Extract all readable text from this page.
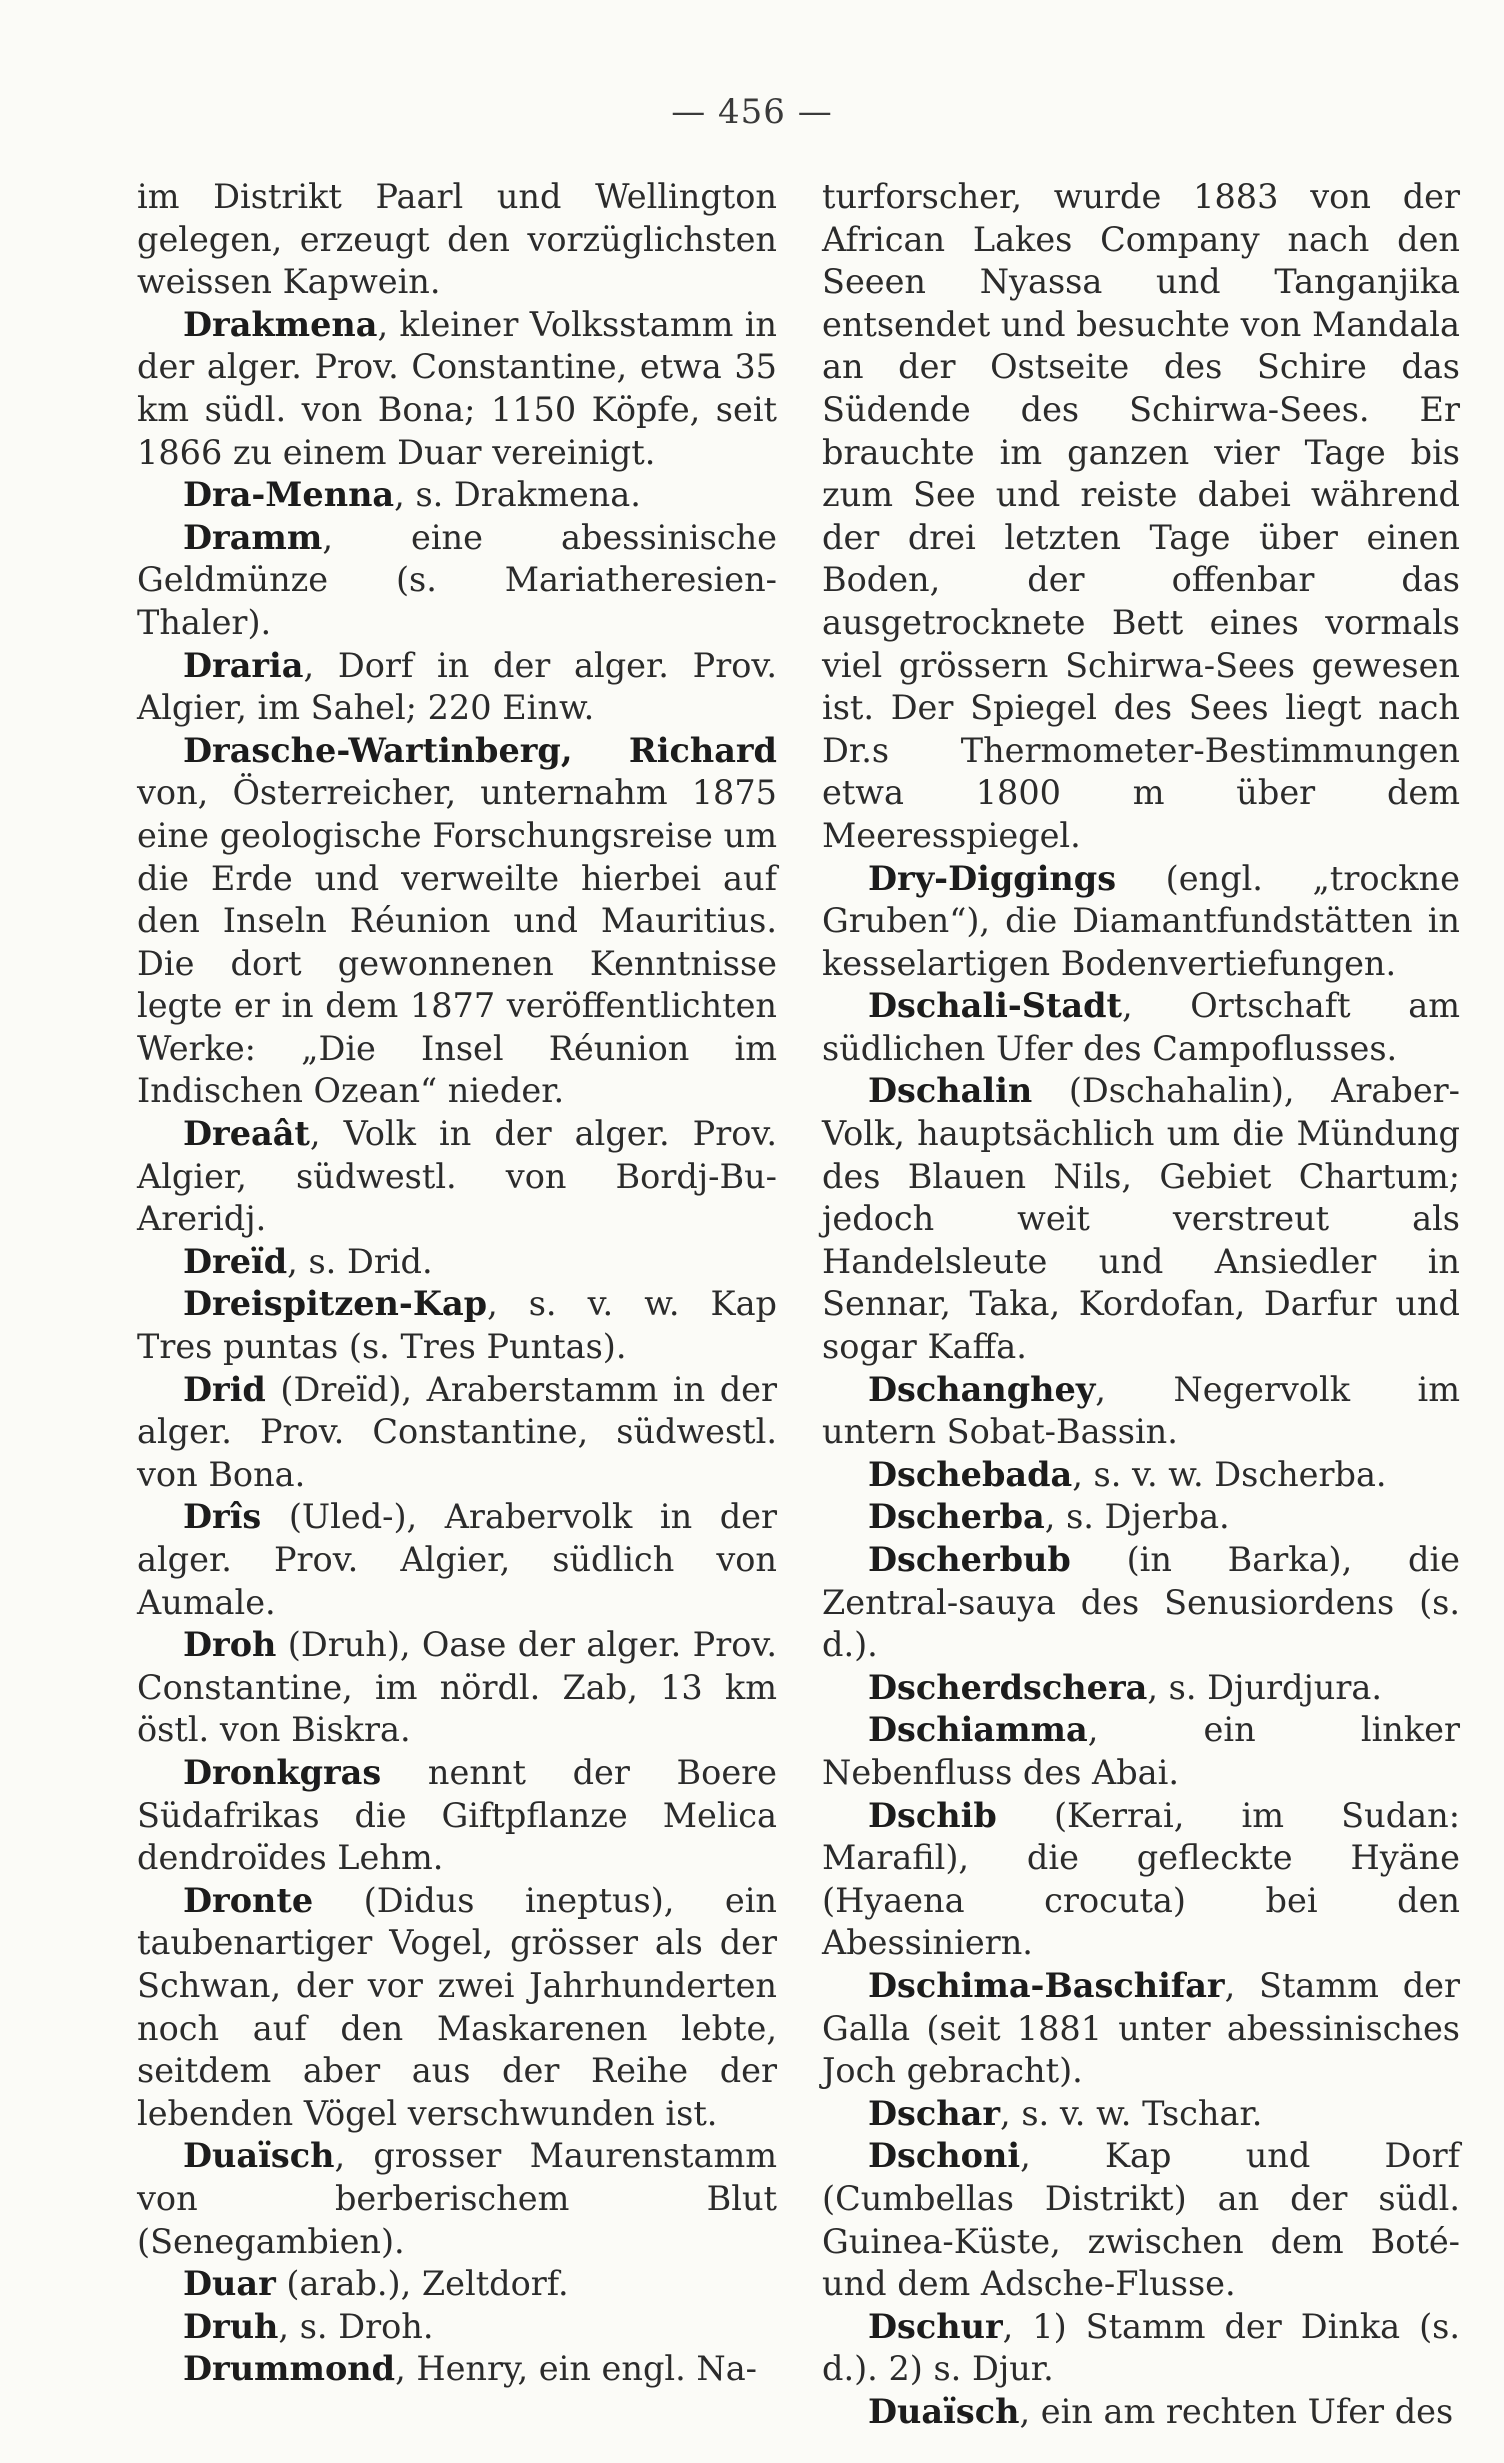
— 456 —

im Distrikt Paarl und Wellington gelegen, erzeugt den vorzüglichsten weissen Kapwein.

Drakmena, kleiner Volksstamm in der alger. Prov. Constantine, etwa 35 km südl. von Bona; 1150 Köpfe, seit 1866 zu einem Duar vereinigt.

Dra-Menna, s. Drakmena.

Dramm, eine abessinische Geldmünze (s. Mariatheresien-Thaler).

Draria, Dorf in der alger. Prov. Algier, im Sahel; 220 Einw.

Drasche-Wartinberg, Richard von, Österreicher, unternahm 1875 eine geologische Forschungsreise um die Erde und verweilte hierbei auf den Inseln Réunion und Mauritius. Die dort gewonnenen Kenntnisse legte er in dem 1877 veröffentlichten Werke: „Die Insel Réunion im Indischen Ozean“ nieder.

Dreaât, Volk in der alger. Prov. Algier, südwestl. von Bordj-Bu-Areridj.

Dreïd, s. Drid.

Dreispitzen-Kap, s. v. w. Kap Tres puntas (s. Tres Puntas).

Drid (Dreïd), Araberstamm in der alger. Prov. Constantine, südwestl. von Bona.

Drîs (Uled-), Arabervolk in der alger. Prov. Algier, südlich von Aumale.

Droh (Druh), Oase der alger. Prov. Constantine, im nördl. Zab, 13 km östl. von Biskra.

Dronkgras nennt der Boere Südafrikas die Giftpflanze Melica dendroïdes Lehm.

Dronte (Didus ineptus), ein taubenartiger Vogel, grösser als der Schwan, der vor zwei Jahrhunderten noch auf den Maskarenen lebte, seitdem aber aus der Reihe der lebenden Vögel verschwunden ist.

Duaïsch, grosser Maurenstamm von berberischem Blut (Senegambien).

Duar (arab.), Zeltdorf.

Druh, s. Droh.

Drummond, Henry, ein engl. Na-

turforscher, wurde 1883 von der African Lakes Company nach den Seeen Nyassa und Tanganjika entsendet und besuchte von Mandala an der Ostseite des Schire das Südende des Schirwa-Sees. Er brauchte im ganzen vier Tage bis zum See und reiste dabei während der drei letzten Tage über einen Boden, der offenbar das ausgetrocknete Bett eines vormals viel grössern Schirwa-Sees gewesen ist. Der Spiegel des Sees liegt nach Dr.s Thermometer-Bestimmungen etwa 1800 m über dem Meeresspiegel.

Dry-Diggings (engl. „trockne Gruben“), die Diamantfundstätten in kesselartigen Bodenvertiefungen.

Dschali-Stadt, Ortschaft am südlichen Ufer des Campoflusses.

Dschalin (Dschahalin), Araber-Volk, hauptsächlich um die Mündung des Blauen Nils, Gebiet Chartum; jedoch weit verstreut als Handelsleute und Ansiedler in Sennar, Taka, Kordofan, Darfur und sogar Kaffa.

Dschanghey, Negervolk im untern Sobat-Bassin.

Dschebada, s. v. w. Dscherba.

Dscherba, s. Djerba.

Dscherbub (in Barka), die Zentral-sauya des Senusiordens (s. d.).

Dscherdschera, s. Djurdjura.

Dschiamma, ein linker Nebenfluss des Abai.

Dschib (Kerrai, im Sudan: Marafil), die gefleckte Hyäne (Hyaena crocuta) bei den Abessiniern.

Dschima-Baschifar, Stamm der Galla (seit 1881 unter abessinisches Joch gebracht).

Dschar, s. v. w. Tschar.

Dschoni, Kap und Dorf (Cumbellas Distrikt) an der südl. Guinea-Küste, zwischen dem Boté- und dem Adsche-Flusse.

Dschur, 1) Stamm der Dinka (s. d.). 2) s. Djur.

Duaïsch, ein am rechten Ufer des
